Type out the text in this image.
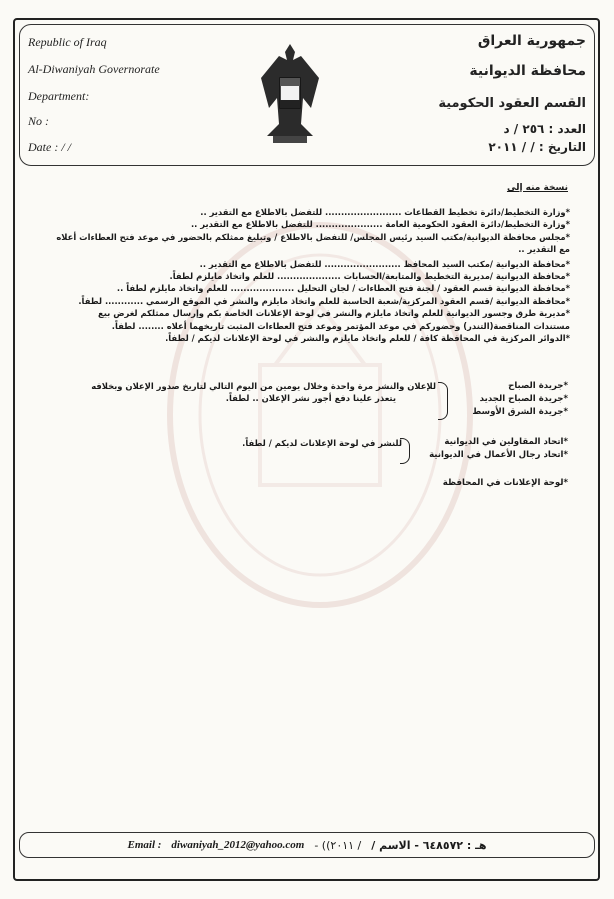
Republic of Iraq
Al-Diwaniyah Governorate
Department:
No :
Date : / /
جمهورية العراق
محافظة الديوانية
القسم العقود الحكومية
العدد : ٢٥٦ / د
التاريخ : / / ٢٠١١
نسخة منه إلى
*وزارة التخطيط/دائرة تخطيط القطاعات ........................ للتفضل بالاطلاع مع التقدير ..
*وزارة التخطيط/دائرة العقود الحكومية العامة ..................... للتفضل بالاطلاع مع التقدير ..
*مجلس محافظة الديوانية/مكتب السيد رئيس المجلس/ للتفضل بالاطلاع / وتبليغ ممثلكم بالحضور في موعد فتح العطاءات أعلاه
مع التقدير ..
*محافظة الديوانية /مكتب السيد المحافظ ........................ للتفضل بالاطلاع مع التقدير ..
*محافظة الديوانية /مديرية التخطيط والمتابعة/الحسابات .................... للعلم واتخاذ مايلزم لطفاً.
*محافظة الديوانية قسم العقود / لجنة فتح العطاءات / لجان التحليل .................... للعلم واتخاذ مايلزم لطفاً ..
*محافظة الديوانية /قسم العقود المركزية/شعبة الحاسبة للعلم واتخاذ مايلزم والنشر في الموقع الرسمي ............ لطفاً.
*مديرية طرق وجسور الديوانية للعلم واتخاذ مايلزم والنشر في لوحة الإعلانات الخاصة بكم وإرسال ممثلكم لغرض بيع
مستندات المناقصة(التندر) وحضوركم في موعد المؤتمر وموعد فتح العطاءات المثبت تاريخهما أعلاه ........ لطفاً.
*الدوائر المركزية في المحافظة كافة / للعلم واتخاذ مايلزم والنشر في لوحة الإعلانات لديكم / لطفاً.
*جريدة الصباح
*جريدة الصباح الجديد
*جريدة الشرق الأوسط
للإعلان والنشر مرة واحدة وخلال يومين من اليوم التالي لتاريخ صدور الإعلان وبخلافه
يتعذر علينا دفع أجور نشر الإعلان .. لطفاً.
*اتحاد المقاولين في الديوانية
*اتحاد رجال الأعمال في الديوانية
للنشر في لوحة الإعلانات لديكم / لطفاً.
*لوحة الإعلانات في المحافظة
Email : diwaniyah_2012@yahoo.com - ((٢٠١١ / هـ : ٦٤٨٥٧٢ - الاسم /
